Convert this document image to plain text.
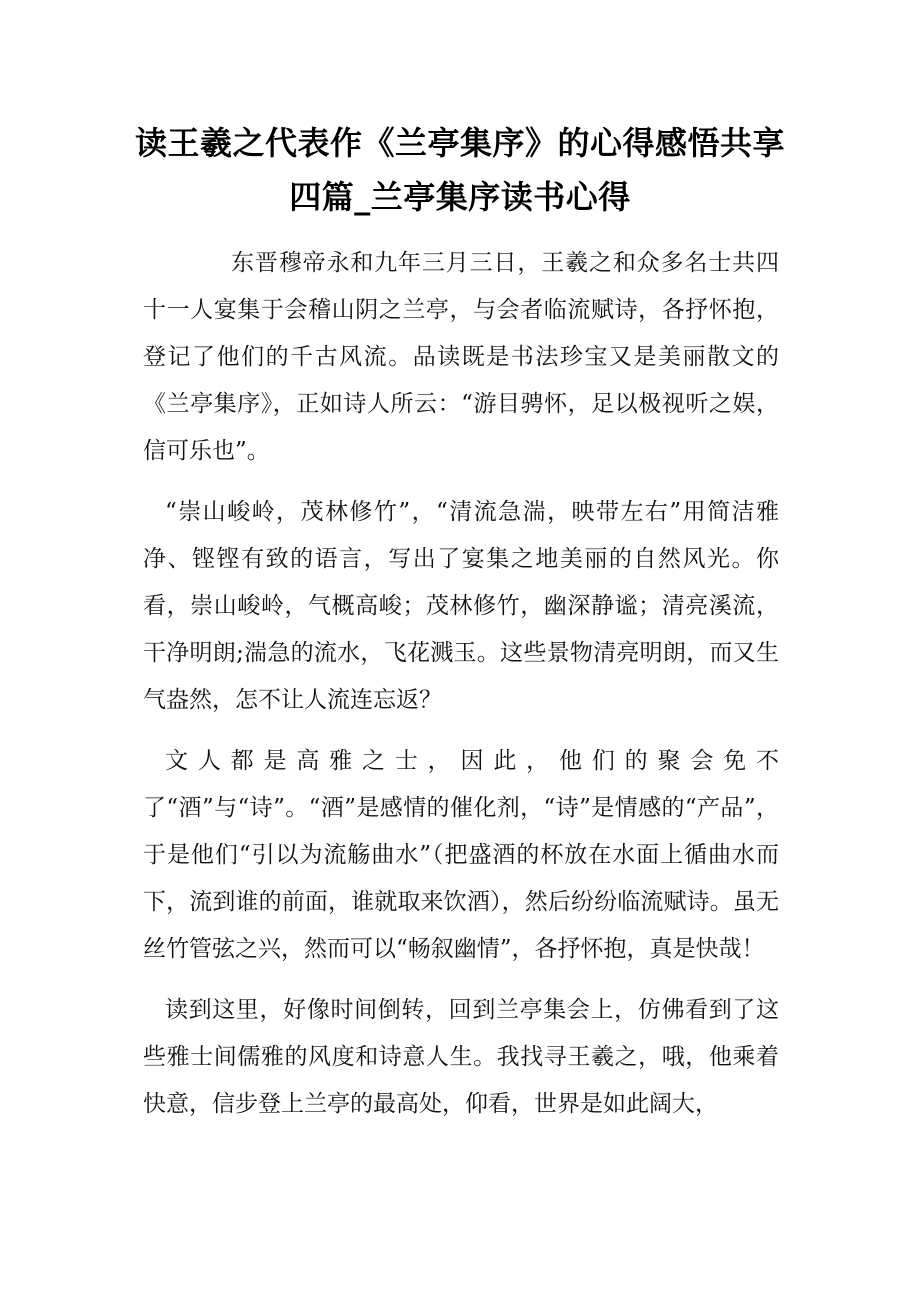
读王羲之代表作《兰亭集序》的心得感悟共享四篇_兰亭集序读书心得

东晋穆帝永和九年三月三日，王羲之和众多名士共四十一人宴集于会稽山阴之兰亭，与会者临流赋诗，各抒怀抱，登记了他们的千古风流。品读既是书法珍宝又是美丽散文的《兰亭集序》，正如诗人所云：“游目骋怀，足以极视听之娱，信可乐也”。

“崇山峻岭，茂林修竹”，“清流急湍，映带左右”用简洁雅净、铿铿有致的语言，写出了宴集之地美丽的自然风光。你看，崇山峻岭，气概高峻；茂林修竹，幽深静谧；清亮溪流，干净明朗;湍急的流水，飞花溅玉。这些景物清亮明朗，而又生气盎然，怎不让人流连忘返？

文人都是高雅之士，因此，他们的聚会免不了“酒”与“诗”。“酒”是感情的催化剂，“诗”是情感的“产品”，于是他们“引以为流觞曲水”（把盛酒的杯放在水面上循曲水而下，流到谁的前面，谁就取来饮酒），然后纷纷临流赋诗。虽无丝竹管弦之兴，然而可以“畅叙幽情”，各抒怀抱，真是快哉！

读到这里，好像时间倒转，回到兰亭集会上，仿佛看到了这些雅士间儒雅的风度和诗意人生。我找寻王羲之，哦，他乘着快意，信步登上兰亭的最高处，仰看，世界是如此阔大，
